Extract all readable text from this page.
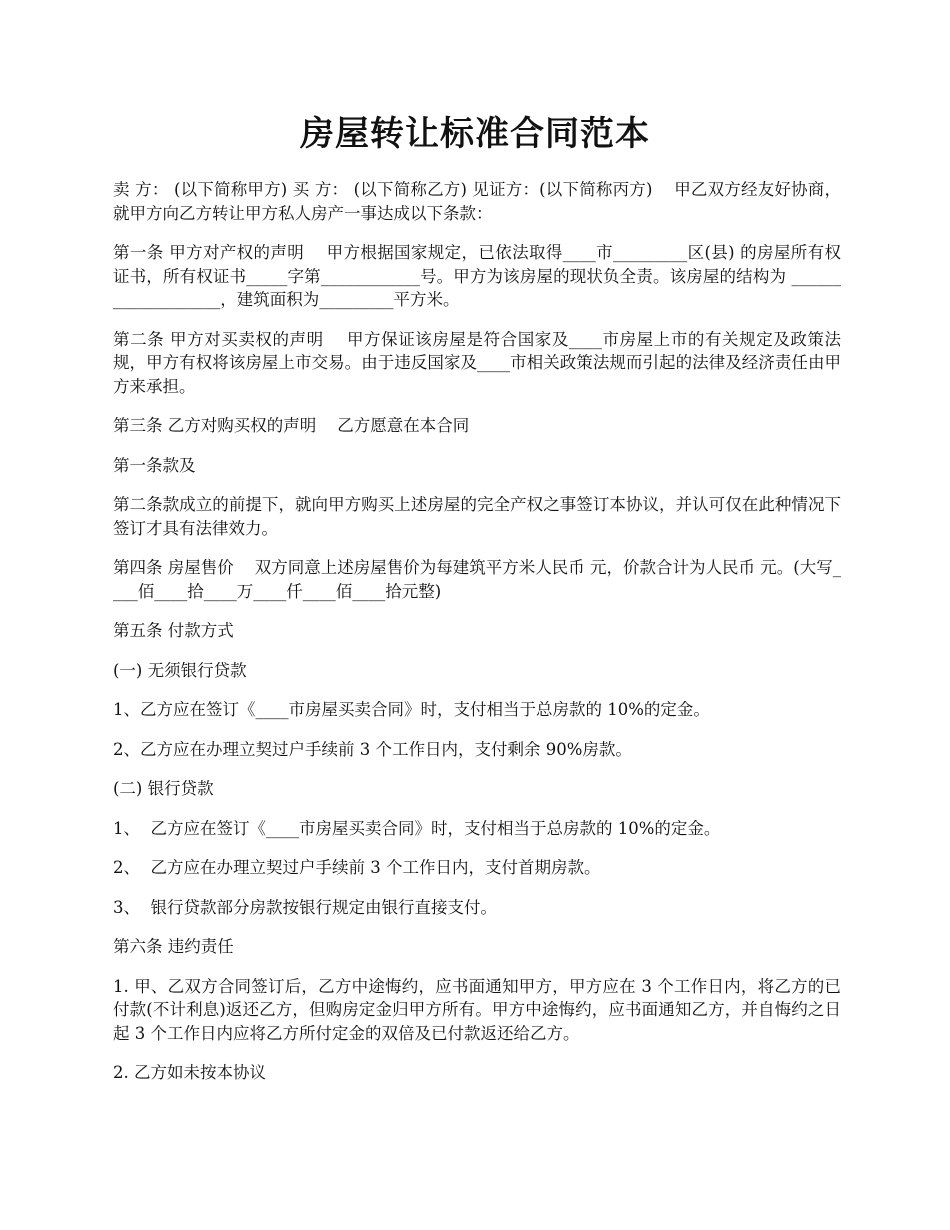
房屋转让标准合同范本

卖 方： (以下简称甲方) 买 方： (以下简称乙方) 见证方：(以下简称丙方)    甲乙双方经友好协商，就甲方向乙方转让甲方私人房产一事达成以下条款：

第一条 甲方对产权的声明    甲方根据国家规定，已依法取得____市_________区(县) 的房屋所有权证书，所有权证书_____字第____________号。甲方为该房屋的现状负全责。该房屋的结构为 ___________________，建筑面积为_________平方米。

第二条 甲方对买卖权的声明    甲方保证该房屋是符合国家及____市房屋上市的有关规定及政策法规，甲方有权将该房屋上市交易。由于违反国家及____市相关政策法规而引起的法律及经济责任由甲方来承担。

第三条 乙方对购买权的声明    乙方愿意在本合同

第一条款及

第二条款成立的前提下，就向甲方购买上述房屋的完全产权之事签订本协议，并认可仅在此种情况下签订才具有法律效力。

第四条 房屋售价    双方同意上述房屋售价为每建筑平方米人民币 元，价款合计为人民币 元。(大写____佰____拾____万____仟____佰____拾元整)

第五条 付款方式

(一) 无须银行贷款

1、乙方应在签订《____市房屋买卖合同》时，支付相当于总房款的 10%的定金。

2、乙方应在办理立契过户手续前 3 个工作日内，支付剩余 90%房款。

(二) 银行贷款

1、  乙方应在签订《____市房屋买卖合同》时，支付相当于总房款的 10%的定金。

2、  乙方应在办理立契过户手续前 3 个工作日内，支付首期房款。

3、  银行贷款部分房款按银行规定由银行直接支付。

第六条 违约责任

1. 甲、乙双方合同签订后，乙方中途悔约，应书面通知甲方，甲方应在 3 个工作日内，将乙方的已付款(不计利息)返还乙方，但购房定金归甲方所有。甲方中途悔约，应书面通知乙方，并自悔约之日起 3 个工作日内应将乙方所付定金的双倍及已付款返还给乙方。

2. 乙方如未按本协议
